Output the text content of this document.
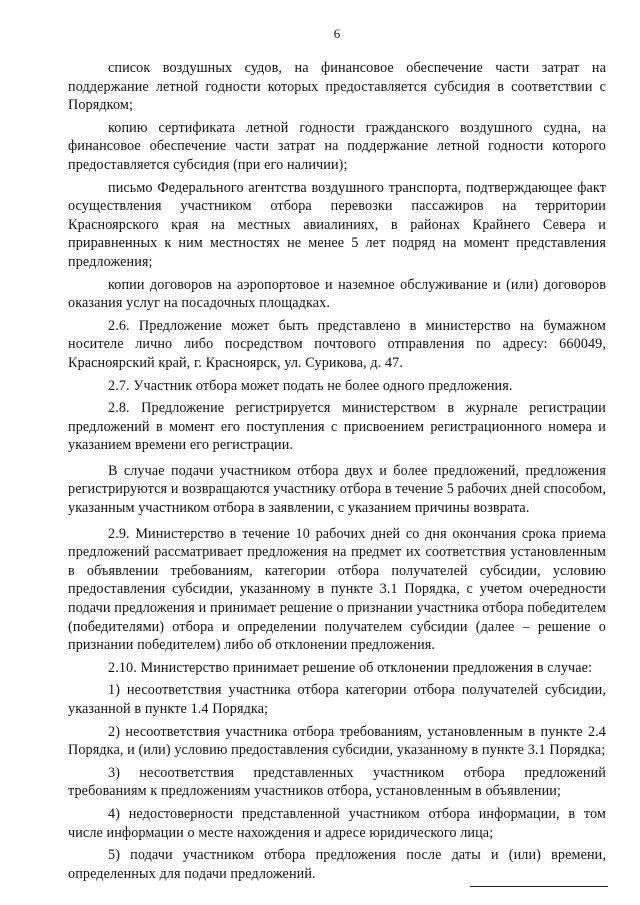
6

список воздушных судов, на финансовое обеспечение части затрат на поддержание летной годности которых предоставляется субсидия в соответствии с Порядком;

копию сертификата летной годности гражданского воздушного судна, на финансовое обеспечение части затрат на поддержание летной годности которого предоставляется субсидия (при его наличии);

письмо Федерального агентства воздушного транспорта, подтверждающее факт осуществления участником отбора перевозки пассажиров на территории Красноярского края на местных авиалиниях, в районах Крайнего Севера и приравненных к ним местностях не менее 5 лет подряд на момент представления предложения;

копии договоров на аэропортовое и наземное обслуживание и (или) договоров оказания услуг на посадочных площадках.

2.6. Предложение может быть представлено в министерство на бумажном носителе лично либо посредством почтового отправления по адресу: 660049, Красноярский край, г. Красноярск, ул. Сурикова, д. 47.

2.7. Участник отбора может подать не более одного предложения.

2.8. Предложение регистрируется министерством в журнале регистрации предложений в момент его поступления с присвоением регистрационного номера и указанием времени его регистрации.

В случае подачи участником отбора двух и более предложений, предложения регистрируются и возвращаются участнику отбора в течение 5 рабочих дней способом, указанным участником отбора в заявлении, с указанием причины возврата.

2.9. Министерство в течение 10 рабочих дней со дня окончания срока приема предложений рассматривает предложения на предмет их соответствия установленным в объявлении требованиям, категории отбора получателей субсидии, условию предоставления субсидии, указанному в пункте 3.1 Порядка, с учетом очередности подачи предложения и принимает решение о признании участника отбора победителем (победителями) отбора и определении получателем субсидии (далее – решение о признании победителем) либо об отклонении предложения.

2.10. Министерство принимает решение об отклонении предложения в случае:

1) несоответствия участника отбора категории отбора получателей субсидии, указанной в пункте 1.4 Порядка;

2) несоответствия участника отбора требованиям, установленным в пункте 2.4 Порядка, и (или) условию предоставления субсидии, указанному в пункте 3.1 Порядка;

3) несоответствия представленных участником отбора предложений требованиям к предложениям участников отбора, установленным в объявлении;

4) недостоверности представленной участником отбора информации, в том числе информации о месте нахождения и адресе юридического лица;

5) подачи участником отбора предложения после даты и (или) времени, определенных для подачи предложений.
